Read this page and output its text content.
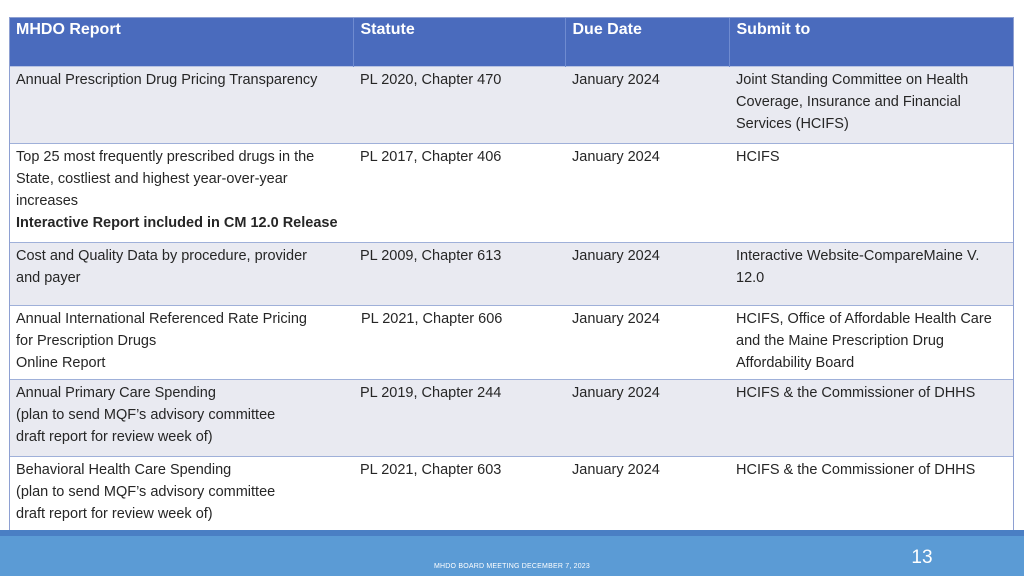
MHDO Report	Statute	Due Date	Submit to

Annual Prescription Drug Pricing Transparency	PL 2020, Chapter 470	January 2024	Joint Standing Committee on Health
Coverage, Insurance and Financial
Services (HCIFS)

Top 25 most frequently prescribed drugs in the
State, costliest and highest year-over-year
increases
Interactive Report included in CM 12.0 Release	PL 2017, Chapter 406	January 2024	HCIFS

Cost and Quality Data by procedure, provider
and payer	PL 2009, Chapter 613	January 2024	Interactive Website-CompareMaine V.
12.0

Annual International Referenced Rate Pricing
for Prescription Drugs
Online Report	PL 2021, Chapter 606	January 2024	HCIFS, Office of Affordable Health Care
and the Maine Prescription Drug
Affordability Board

Annual Primary Care Spending
(plan to send MQF’s advisory committee
draft report for review week of)	PL 2019, Chapter 244	January 2024	HCIFS & the Commissioner of DHHS

Behavioral Health Care Spending
(plan to send MQF’s advisory committee
draft report for review week of)	PL 2021, Chapter 603	January 2024	HCIFS & the Commissioner of DHHS
MHDO BOARD MEETING DECEMBER 7, 2023	13
